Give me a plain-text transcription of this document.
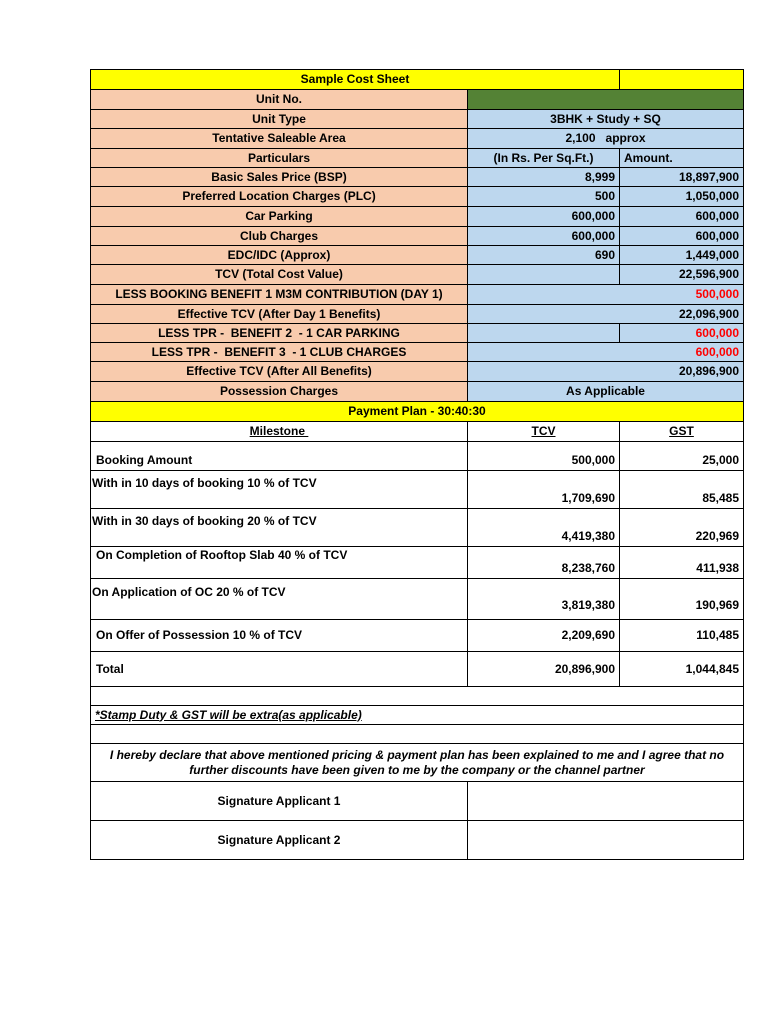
Sample Cost Sheet		
Unit No.		
Unit Type	3BHK + Study + SQ	
Tentative Saleable Area	2,100   approx	
Particulars	(In Rs. Per Sq.Ft.)	Amount.
Basic Sales Price (BSP)	8,999	18,897,900
Preferred Location Charges (PLC)	500	1,050,000
Car Parking	600,000	600,000
Club Charges	600,000	600,000
EDC/IDC (Approx)	690	1,449,000
TCV (Total Cost Value)		22,596,900
LESS BOOKING BENEFIT 1 M3M CONTRIBUTION (DAY 1)	500,000	
Effective TCV (After Day 1 Benefits)	22,096,900	
LESS TPR -  BENEFIT 2  - 1 CAR PARKING		600,000
LESS TPR -  BENEFIT 3  - 1 CLUB CHARGES	600,000	
Effective TCV (After All Benefits)	20,896,900	
Possession Charges	As Applicable	
Payment Plan - 30:40:30		
Milestone	TCV	GST
Booking Amount	500,000	25,000
With in 10 days of booking 10 % of TCV	1,709,690	85,485
With in 30 days of booking 20 % of TCV	4,419,380	220,969
On Completion of Rooftop Slab 40 % of TCV	8,238,760	411,938
On Application of OC 20 % of TCV	3,819,380	190,969
On Offer of Possession 10 % of TCV	2,209,690	110,485
Total	20,896,900	1,044,845

*Stamp Duty & GST will be extra(as applicable)		

I hereby declare that above mentioned pricing & payment plan has been explained to me and I agree that no further discounts have been given to me by the company or the channel partner		
Signature Applicant 1		
Signature Applicant 2		
